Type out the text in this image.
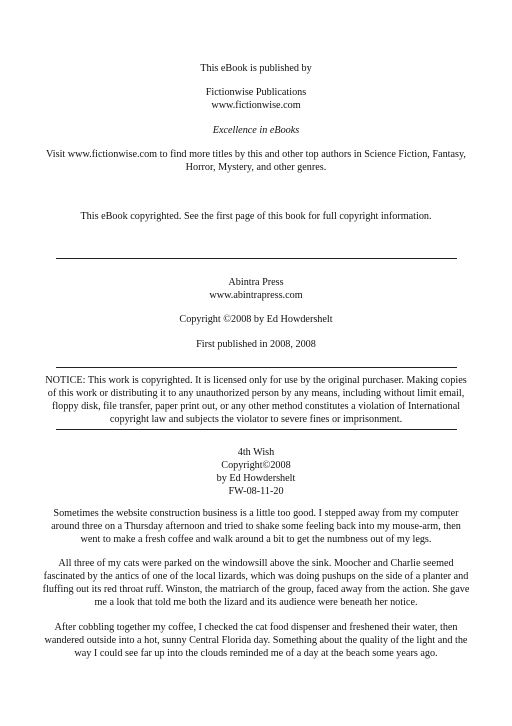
This eBook is published by
Fictionwise Publications
www.fictionwise.com
Excellence in eBooks
Visit www.fictionwise.com to find more titles by this and other top authors in Science Fiction, Fantasy,
Horror, Mystery, and other genres.
This eBook copyrighted. See the first page of this book for full copyright information.
Abintra Press
www.abintrapress.com
Copyright ©2008 by Ed Howdershelt
First published in 2008, 2008
NOTICE: This work is copyrighted. It is licensed only for use by the original purchaser. Making copies
of this work or distributing it to any unauthorized person by any means, including without limit email,
floppy disk, file transfer, paper print out, or any other method constitutes a violation of International
copyright law and subjects the violator to severe fines or imprisonment.
4th Wish
Copyright©2008
by Ed Howdershelt
FW-08-11-20
Sometimes the website construction business is a little too good. I stepped away from my computer
around three on a Thursday afternoon and tried to shake some feeling back into my mouse-arm, then
went to make a fresh coffee and walk around a bit to get the numbness out of my legs.
All three of my cats were parked on the windowsill above the sink. Moocher and Charlie seemed
fascinated by the antics of one of the local lizards, which was doing pushups on the side of a planter and
fluffing out its red throat ruff. Winston, the matriarch of the group, faced away from the action. She gave
me a look that told me both the lizard and its audience were beneath her notice.
After cobbling together my coffee, I checked the cat food dispenser and freshened their water, then
wandered outside into a hot, sunny Central Florida day. Something about the quality of the light and the
way I could see far up into the clouds reminded me of a day at the beach some years ago.
